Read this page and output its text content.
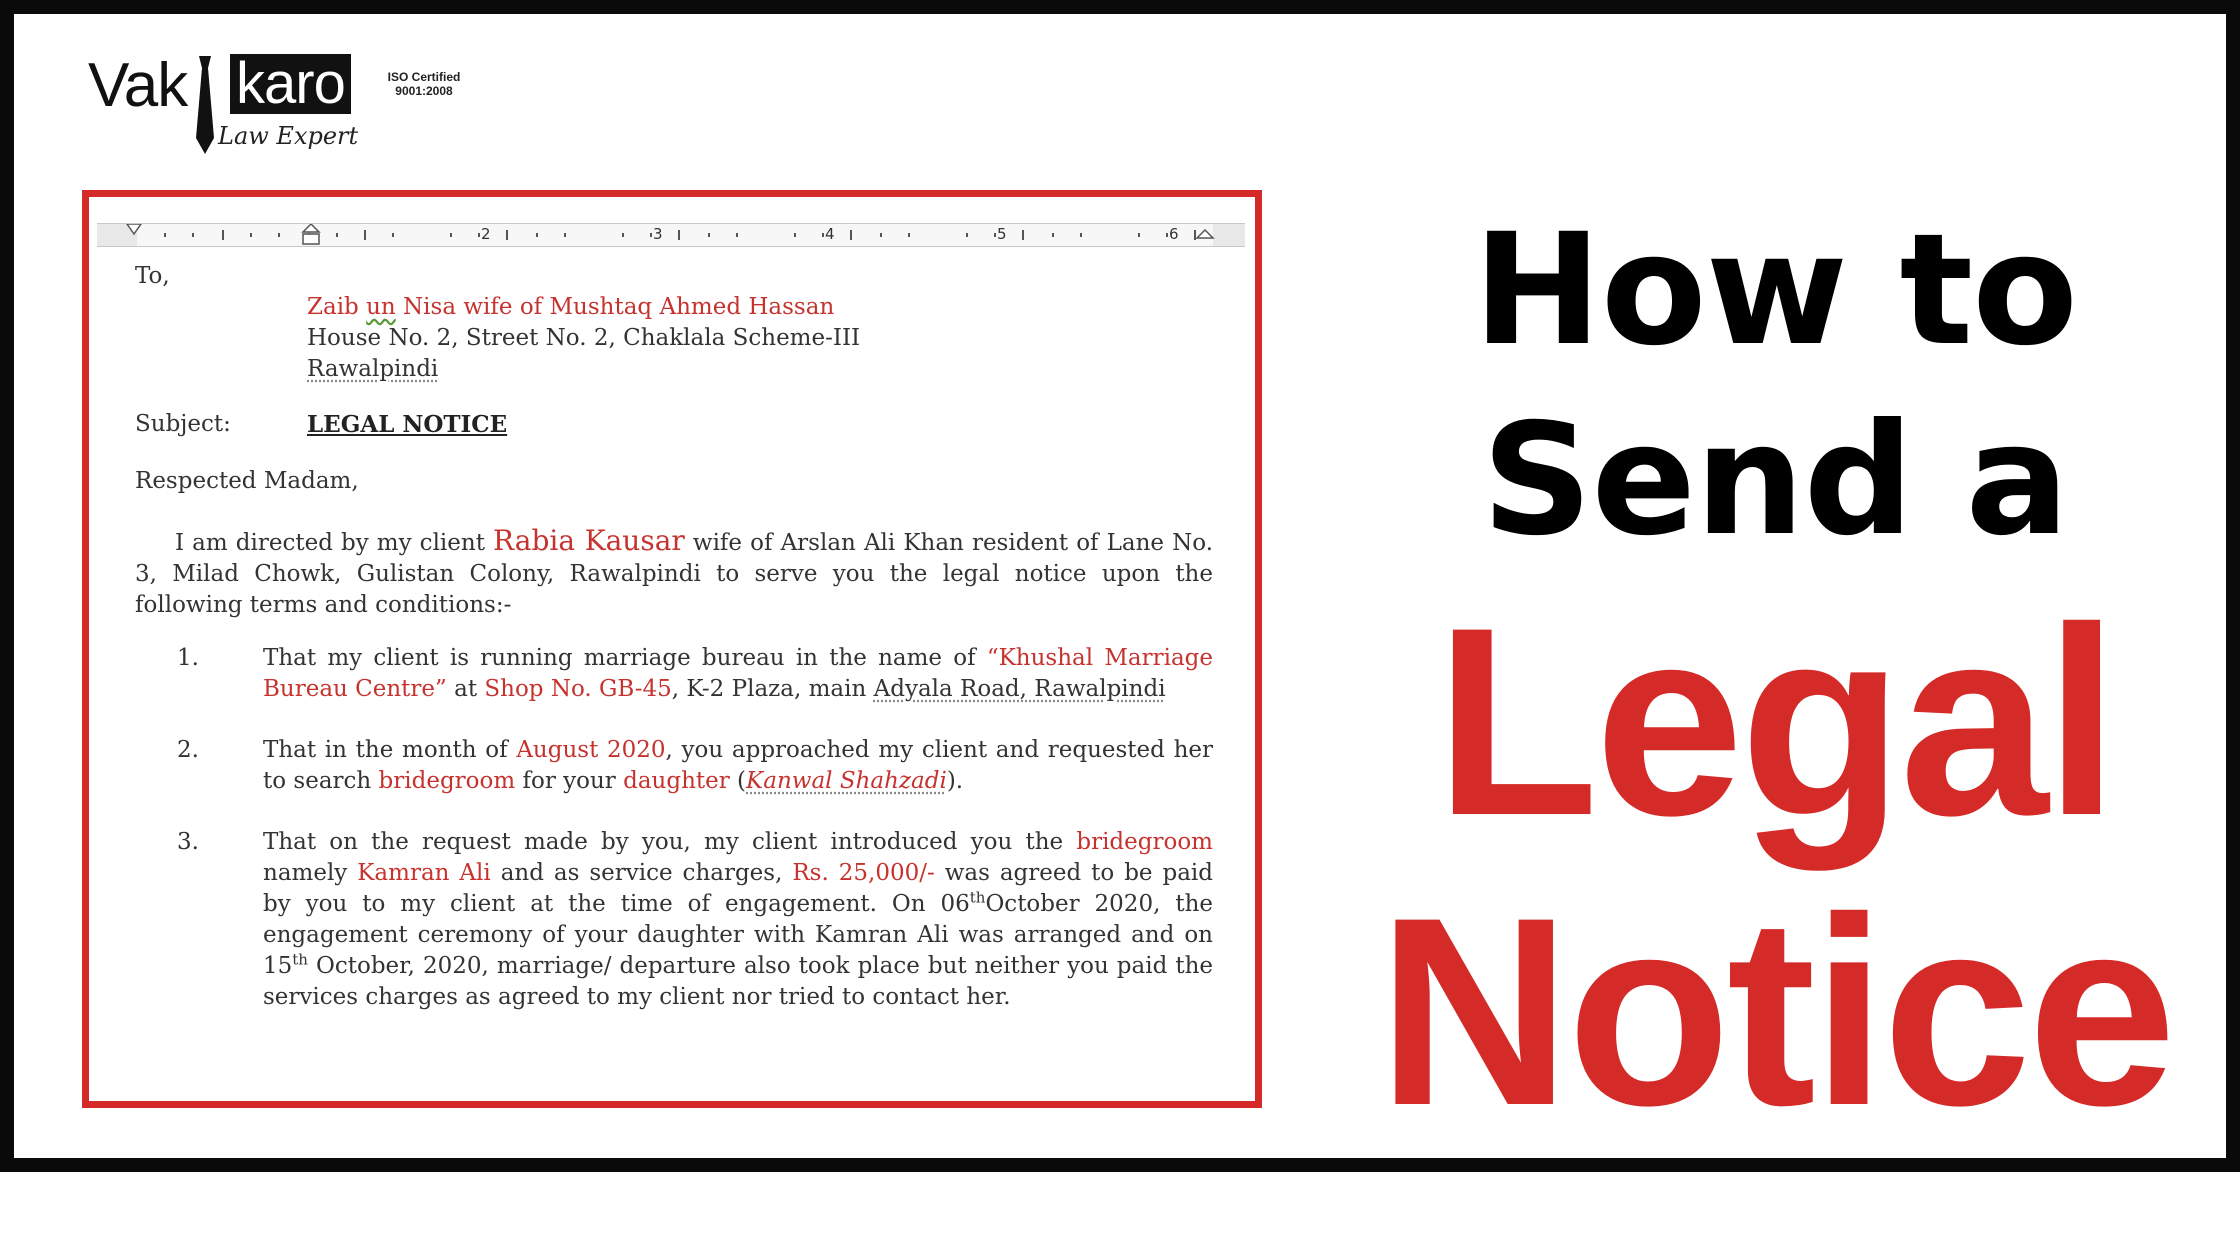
Vak karo	ISO Certified 9001:2008
Law Expert
2	3	4	5	6
To,
Zaib un Nisa wife of Mushtaq Ahmed Hassan
House No. 2, Street No. 2, Chaklala Scheme-III
Rawalpindi
Subject:	LEGAL NOTICE
Respected Madam,
I am directed by my client Rabia Kausar wife of Arslan Ali Khan resident of Lane No. 3, Milad Chowk, Gulistan Colony, Rawalpindi to serve you the legal notice upon the following terms and conditions:-
1.	That my client is running marriage bureau in the name of “Khushal Marriage Bureau Centre” at Shop No. GB-45, K-2 Plaza, main Adyala Road, Rawalpindi
2.	That in the month of August 2020, you approached my client and requested her to search bridegroom for your daughter (Kanwal Shahzadi).
3.	That on the request made by you, my client introduced you the bridegroom namely Kamran Ali and as service charges, Rs. 25,000/- was agreed to be paid by you to my client at the time of engagement. On 06thOctober 2020, the engagement ceremony of your daughter with Kamran Ali was arranged and on 15th October, 2020, marriage/ departure also took place but neither you paid the services charges as agreed to my client nor tried to contact her.
How to
Send a
Legal
Notice
